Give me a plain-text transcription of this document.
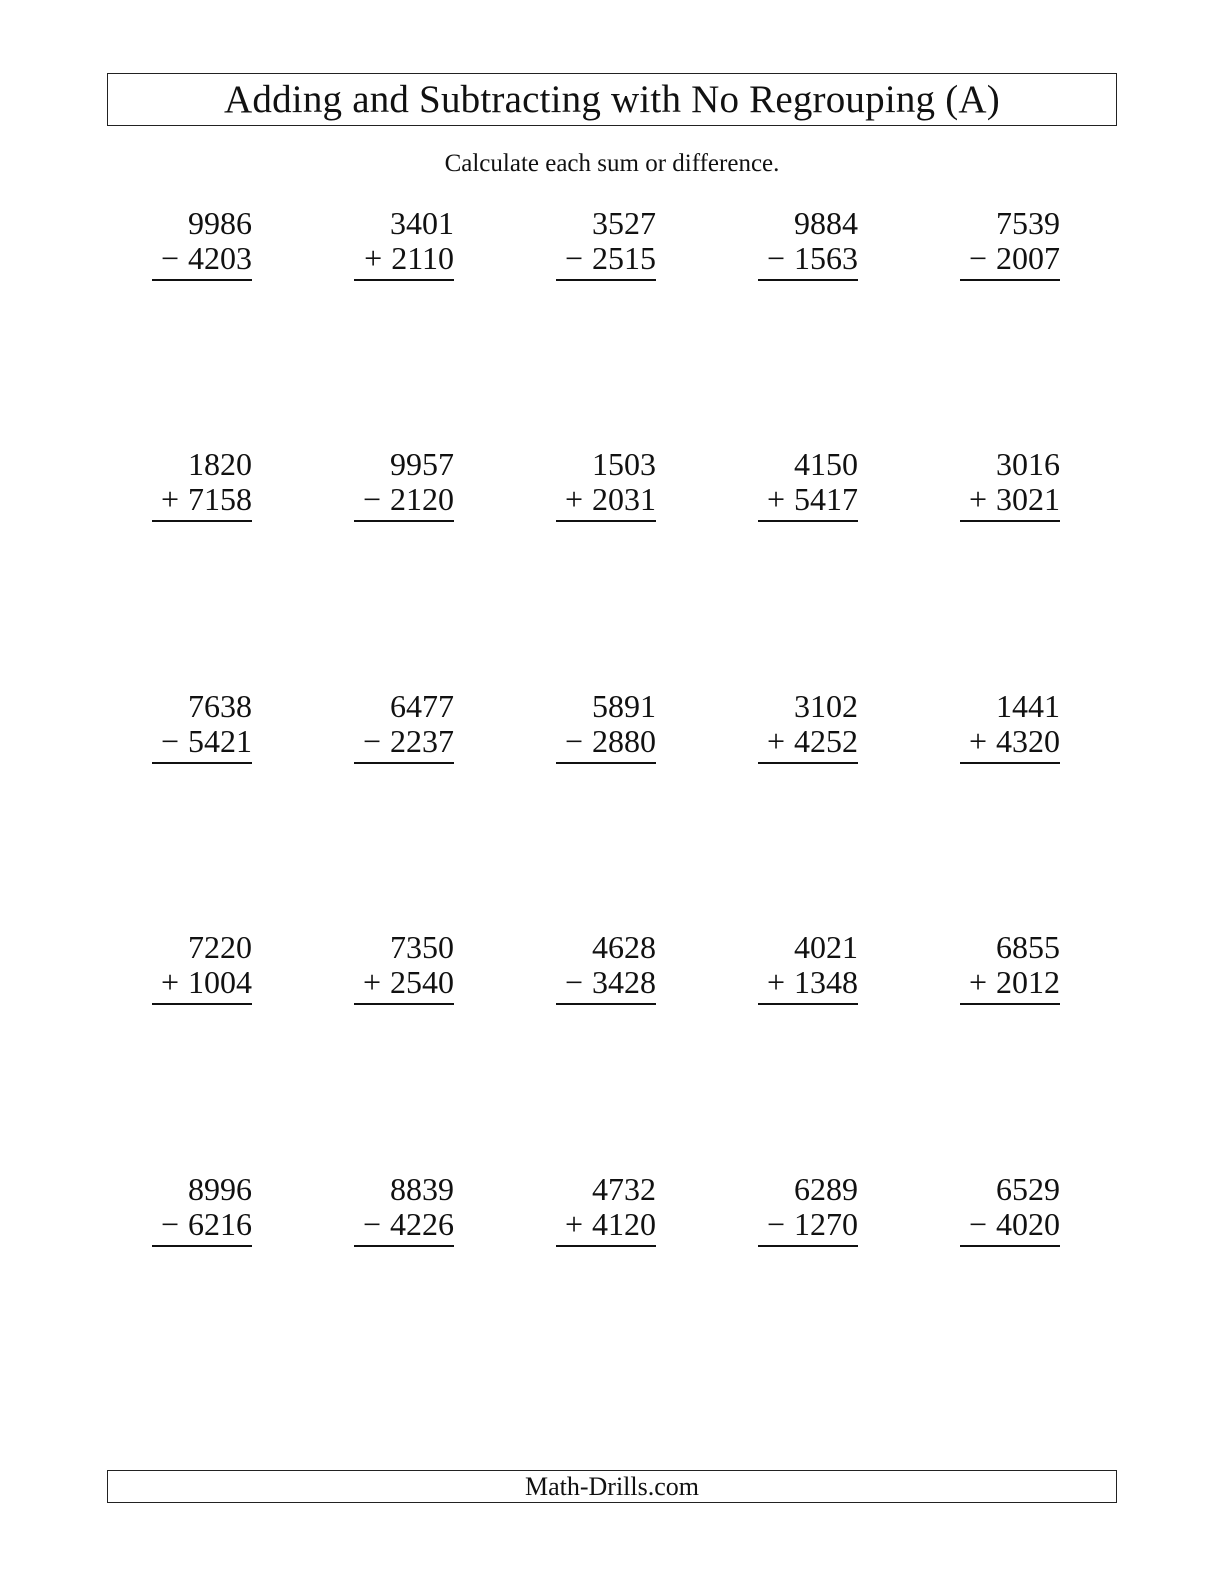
Adding and Subtracting with No Regrouping (A)
Calculate each sum or difference.
9986
− 4203
3401
+ 2110
3527
− 2515
9884
− 1563
7539
− 2007
1820
+ 7158
9957
− 2120
1503
+ 2031
4150
+ 5417
3016
+ 3021
7638
− 5421
6477
− 2237
5891
− 2880
3102
+ 4252
1441
+ 4320
7220
+ 1004
7350
+ 2540
4628
− 3428
4021
+ 1348
6855
+ 2012
8996
− 6216
8839
− 4226
4732
+ 4120
6289
− 1270
6529
− 4020
Math-Drills.com
